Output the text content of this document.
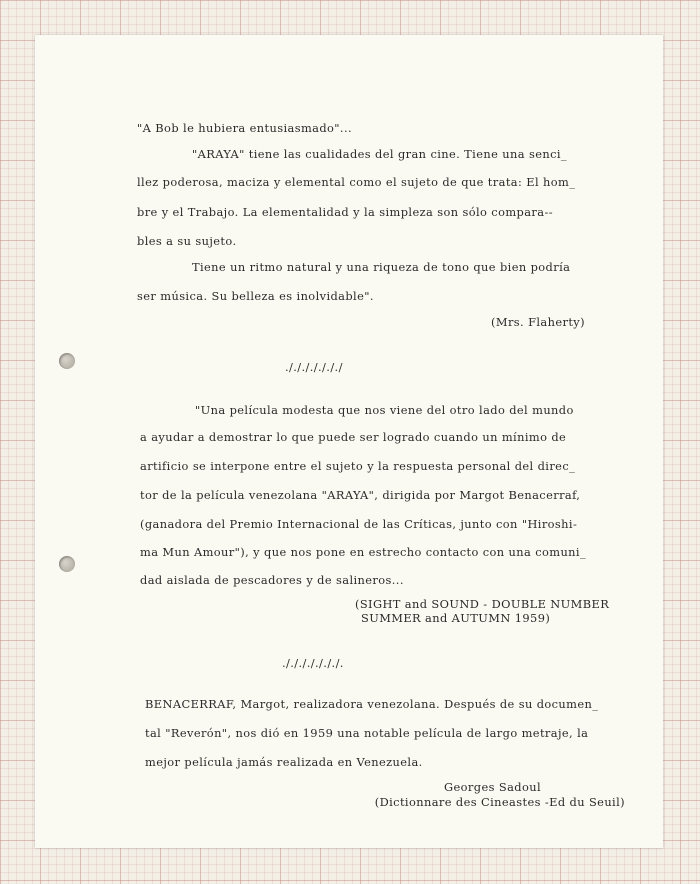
"A Bob le hubiera entusiasmado"...
"ARAYA" tiene las cualidades del gran cine. Tiene una senci_
llez poderosa, maciza y elemental como el sujeto de que trata: El hom_
bre y el Trabajo. La elementalidad y la simpleza son sólo compara--
bles a su sujeto.
Tiene un ritmo natural y una riqueza de tono que bien podría
ser música. Su belleza es inolvidable".
(Mrs. Flaherty)
./././././././
"Una película modesta que nos viene del otro lado del mundo
a ayudar a demostrar lo que puede ser logrado cuando un mínimo de
artificio se interpone entre el sujeto y la respuesta personal del direc_
tor de la película venezolana "ARAYA", dirigida por Margot Benacerraf,
(ganadora del Premio Internacional de las Críticas, junto con "Hiroshi-
ma Mun Amour"), y que nos pone en estrecho contacto con una comuni_
dad aislada de pescadores y de salineros...
(SIGHT and SOUND - DOUBLE NUMBER
SUMMER and AUTUMN 1959)
./././././././.
BENACERRAF, Margot, realizadora venezolana. Después de su documen_
tal "Reverón", nos dió en 1959 una notable película de largo metraje, la
mejor película jamás realizada en Venezuela.
Georges Sadoul
(Dictionnare des Cineastes -Ed du Seuil)
